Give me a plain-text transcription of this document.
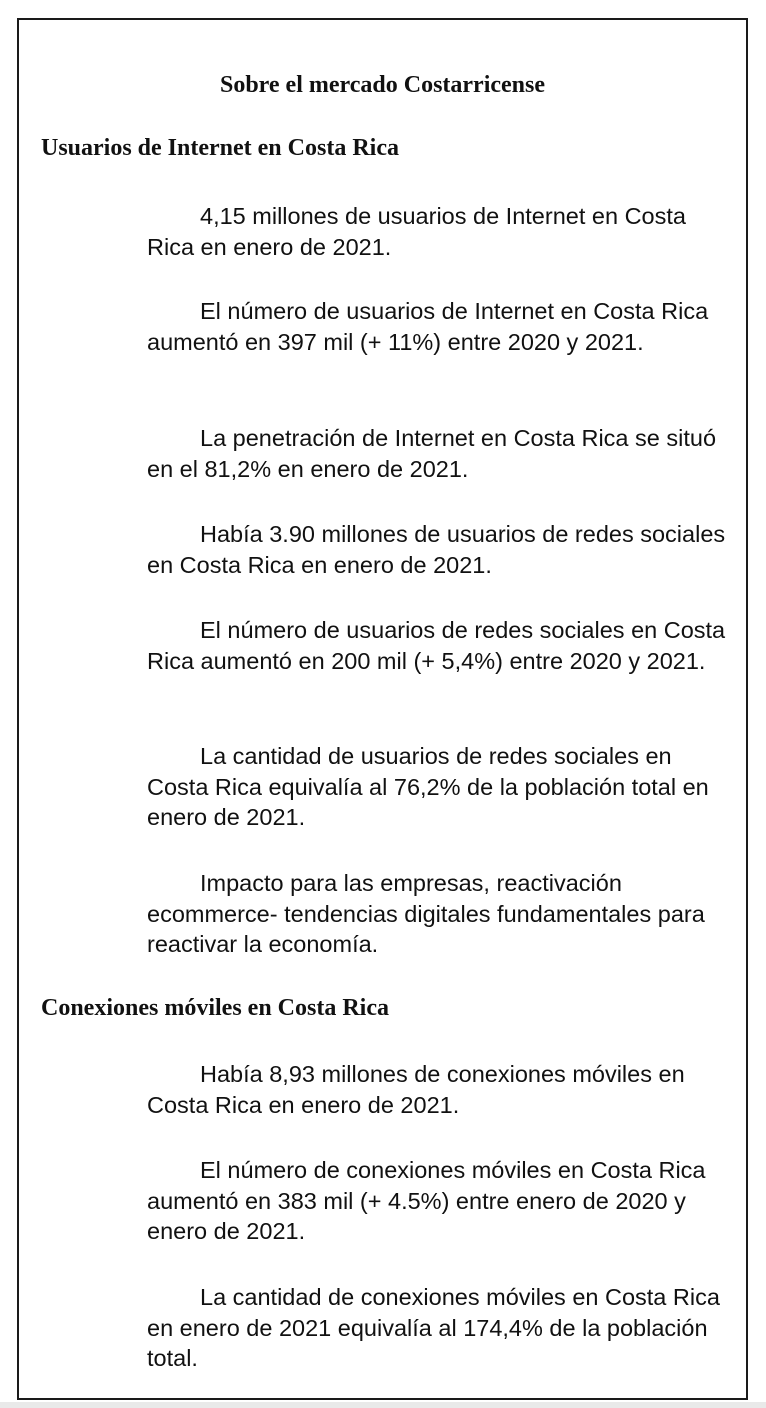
Sobre el mercado Costarricense
Usuarios de Internet en Costa Rica

4,15 millones de usuarios de Internet en Costa Rica en enero de 2021.

El número de usuarios de Internet en Costa Rica aumentó en 397 mil (+ 11%) entre 2020 y 2021.

La penetración de Internet en Costa Rica se situó en el 81,2% en enero de 2021.

Había 3.90 millones de usuarios de redes sociales en Costa Rica en enero de 2021.

El número de usuarios de redes sociales en Costa Rica aumentó en 200 mil (+ 5,4%) entre 2020 y 2021.

La cantidad de usuarios de redes sociales en Costa Rica equivalía al 76,2% de la población total en enero de 2021.

Impacto para las empresas, reactivación ecommerce- tendencias digitales fundamentales para reactivar la economía.

Conexiones móviles en Costa Rica

Había 8,93 millones de conexiones móviles en Costa Rica en enero de 2021.

El número de conexiones móviles en Costa Rica aumentó en 383 mil (+ 4.5%) entre enero de 2020 y enero de 2021.

La cantidad de conexiones móviles en Costa Rica en enero de 2021 equivalía al 174,4% de la población total.
